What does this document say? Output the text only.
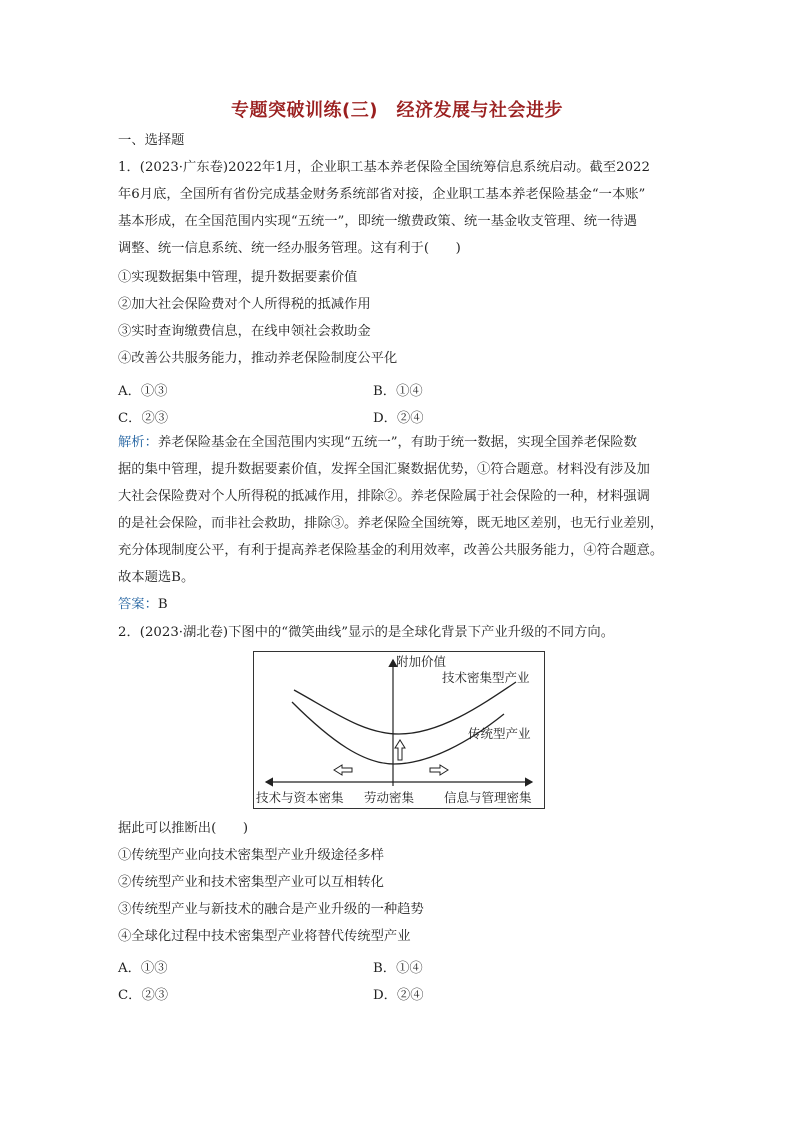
专题突破训练(三)　经济发展与社会进步
一、选择题
1．(2023·广东卷)2022年1月，企业职工基本养老保险全国统筹信息系统启动。截至2022
年6月底，全国所有省份完成基金财务系统部省对接，企业职工基本养老保险基金“一本账”
基本形成，在全国范围内实现“五统一”，即统一缴费政策、统一基金收支管理、统一待遇
调整、统一信息系统、统一经办服务管理。这有利于(　　)
①实现数据集中管理，提升数据要素价值
②加大社会保险费对个人所得税的抵减作用
③实时查询缴费信息，在线申领社会救助金
④改善公共服务能力，推动养老保险制度公平化
A．①③	B．①④
C．②③	D．②④
解析：养老保险基金在全国范围内实现“五统一”，有助于统一数据，实现全国养老保险数
据的集中管理，提升数据要素价值，发挥全国汇聚数据优势，①符合题意。材料没有涉及加
大社会保险费对个人所得税的抵减作用，排除②。养老保险属于社会保险的一种，材料强调
的是社会保险，而非社会救助，排除③。养老保险全国统筹，既无地区差别，也无行业差别，
充分体现制度公平，有利于提高养老保险基金的利用效率，改善公共服务能力，④符合题意。
故本题选B。
答案：B
2．(2023·湖北卷)下图中的“微笑曲线”显示的是全球化背景下产业升级的不同方向。
附加价值
技术密集型产业
传统型产业
技术与资本密集 劳动密集 信息与管理密集
据此可以推断出(　　)
①传统型产业向技术密集型产业升级途径多样
②传统型产业和技术密集型产业可以互相转化
③传统型产业与新技术的融合是产业升级的一种趋势
④全球化过程中技术密集型产业将替代传统型产业
A．①③	B．①④
C．②③	D．②④
